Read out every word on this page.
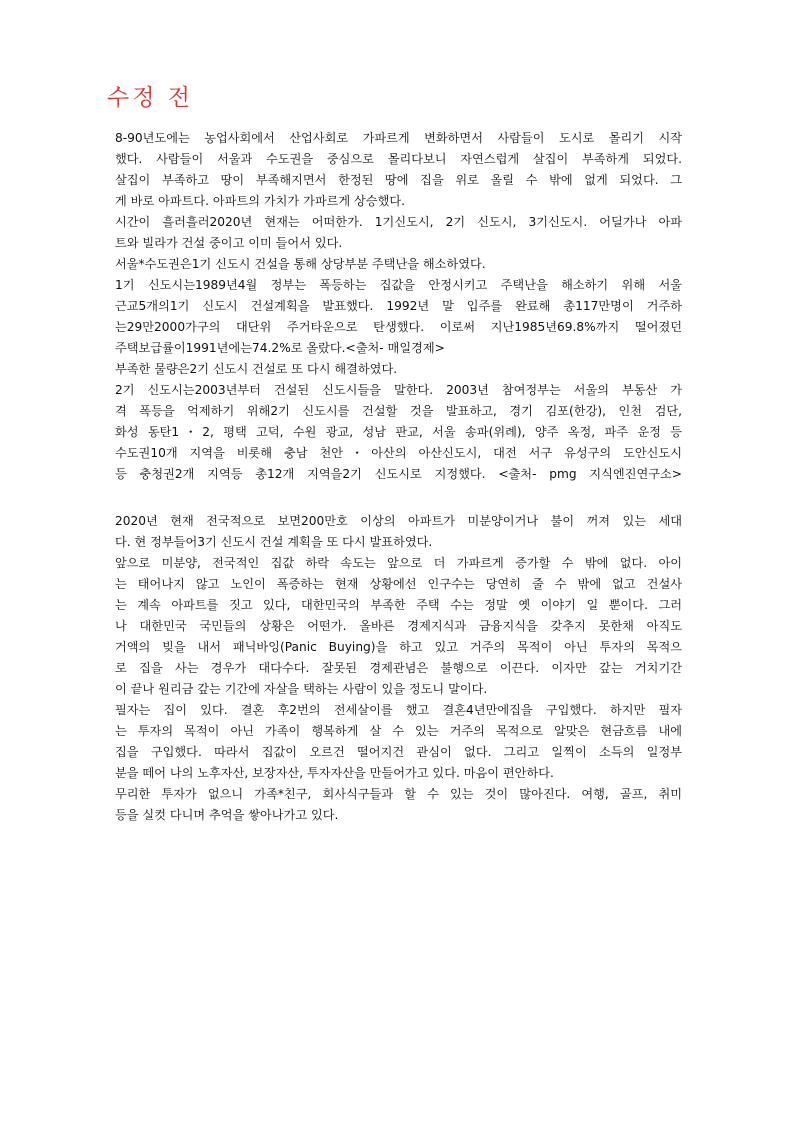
수정 전
8-90년도에는 농업사회에서 산업사회로 가파르게 변화하면서 사람들이 도시로 몰리기 시작
했다. 사람들이 서울과 수도권을 중심으로 몰리다보니 자연스럽게 살집이 부족하게 되었다.
살집이 부족하고 땅이 부족해지면서 한정된 땅에 집을 위로 올릴 수 밖에 없게 되었다. 그
게 바로 아파트다. 아파트의 가치가 가파르게 상승했다.
시간이 흘러흘러2020년 현재는 어떠한가. 1기신도시, 2기 신도시, 3기신도시. 어딜가나 아파
트와 빌라가 건설 중이고 이미 들어서 있다.
서울*수도권은1기 신도시 건설을 통해 상당부분 주택난을 해소하였다.
1기 신도시는1989년4월 정부는 폭등하는 집값을 안정시키고 주택난을 해소하기 위해 서울
근교5개의1기 신도시 건설계획을 발표했다. 1992년 말 입주를 완료해 총117만명이 거주하
는29만2000가구의 대단위 주거타운으로 탄생했다. 이로써 지난1985년69.8%까지 떨어졌던
주택보급률이1991년에는74.2%로 올랐다.<출처- 매일경제>
부족한 물량은2기 신도시 건설로 또 다시 해결하였다.
2기 신도시는2003년부터 건설된 신도시들을 말한다. 2003년 참여정부는 서울의 부동산 가
격 폭등을 억제하기 위해2기 신도시를 건설할 것을 발표하고, 경기 김포(한강), 인천 검단,
화성 동탄1・2, 평택 고덕, 수원 광교, 성남 판교, 서울 송파(위례), 양주 옥정, 파주 운정 등
수도권10개 지역을 비롯해 충남 천안・아산의 아산신도시, 대전 서구 유성구의 도안신도시
등 충청권2개 지역등 총12개 지역을2기 신도시로 지정했다. <출처- pmg 지식엔진연구소>
2020년 현재 전국적으로 보면200만호 이상의 아파트가 미분양이거나 불이 꺼져 있는 세대
다. 현 정부들어3기 신도시 건설 계획을 또 다시 발표하였다.
앞으로 미분양, 전국적인 집값 하락 속도는 앞으로 더 가파르게 증가할 수 밖에 없다. 아이
는 태어나지 않고 노인이 폭증하는 현재 상황에선 인구수는 당연히 줄 수 밖에 없고 건설사
는 계속 아파트를 짓고 있다, 대한민국의 부족한 주택 수는 정말 옛 이야기 일 뿐이다. 그러
나 대한민국 국민들의 상황은 어떤가. 올바른 경제지식과 금융지식을 갖추지 못한채 아직도
거액의 빚을 내서 패닉바잉(Panic Buying)을 하고 있고 거주의 목적이 아닌 투자의 목적으
로 집을 사는 경우가 대다수다. 잘못된 경제관념은 불행으로 이끈다. 이자만 갚는 거치기간
이 끝나 원리금 갚는 기간에 자살을 택하는 사람이 있을 정도니 말이다.
필자는 집이 있다. 결혼 후2번의 전세살이를 했고 결혼4년만에집을 구입했다. 하지만 필자
는 투자의 목적이 아닌 가족이 행복하게 살 수 있는 거주의 목적으로 알맞은 현금흐름 내에
집을 구입했다. 따라서 집값이 오르건 떨어지건 관심이 없다. 그리고 일찍이 소득의 일정부
분을 떼어 나의 노후자산, 보장자산, 투자자산을 만들어가고 있다. 마음이 편안하다.
무리한 투자가 없으니 가족*친구, 회사식구들과 할 수 있는 것이 많아진다. 여행, 골프, 취미
등을 실컷 다니며 추억을 쌓아나가고 있다.
